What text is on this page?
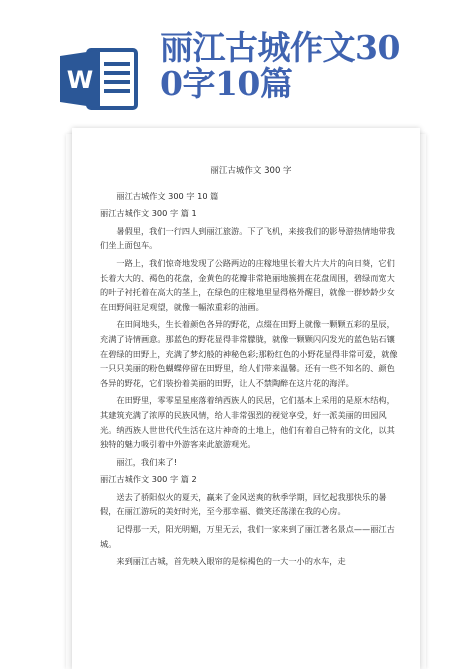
W
丽江古城作文30
0字10篇
丽江古城作文 300 字
丽江古城作文 300 字 10 篇
丽江古城作文 300 字 篇 1
暑假里，我们一行四人到丽江旅游。下了飞机，来接我们的影导游热情地带我们坐上面包车。
一路上，我们惊奇地发现了公路两边的庄稼地里长着大片大片的向日葵，它们长着大大的、褐色的花盘，金黄色的花瓣非常艳丽地簇拥在花盘周围，碧绿而宽大的叶子衬托着在高大的茎上，在绿色的庄稼地里显得格外醒目，就像一群妙龄少女在田野间驻足观望，就像一幅浓重彩的油画。
在田间地头，生长着颜色各异的野花，点缀在田野上就像一颗颗五彩的星辰，充满了诗情画意。那蓝色的野花显得非常朦胧，就像一颗颗闪闪发光的蓝色钻石镶在碧绿的田野上，充满了梦幻般的神秘色彩;那粉红色的小野花显得非常可爱，就像一只只美丽的粉色蝴蝶停留在田野里，给人们带来温馨。还有一些不知名的、颜色各异的野花，它们装扮着美丽的田野，让人不禁陶醉在这片花的海洋。
在田野里，零零星星座落着纳西族人的民居，它们基本上采用的是原木结构，其建筑充满了浓厚的民族风情，给人非常强烈的视觉享受，好一派美丽的田园风光。纳西族人世世代代生活在这片神奇的土地上，他们有着自己特有的文化，以其独特的魅力吸引着中外游客来此旅游观光。
丽江，我们来了!
丽江古城作文 300 字 篇 2
送去了骄阳似火的夏天，赢来了金风送爽的秋季学期，回忆起我那快乐的暑假，在丽江游玩的美好时光，至今那幸福、微笑还荡漾在我的心房。
记得那一天，阳光明媚，万里无云，我们一家来到了丽江著名景点——丽江古城。
来到丽江古城，首先映入眼帘的是棕褐色的一大一小的水车，走
